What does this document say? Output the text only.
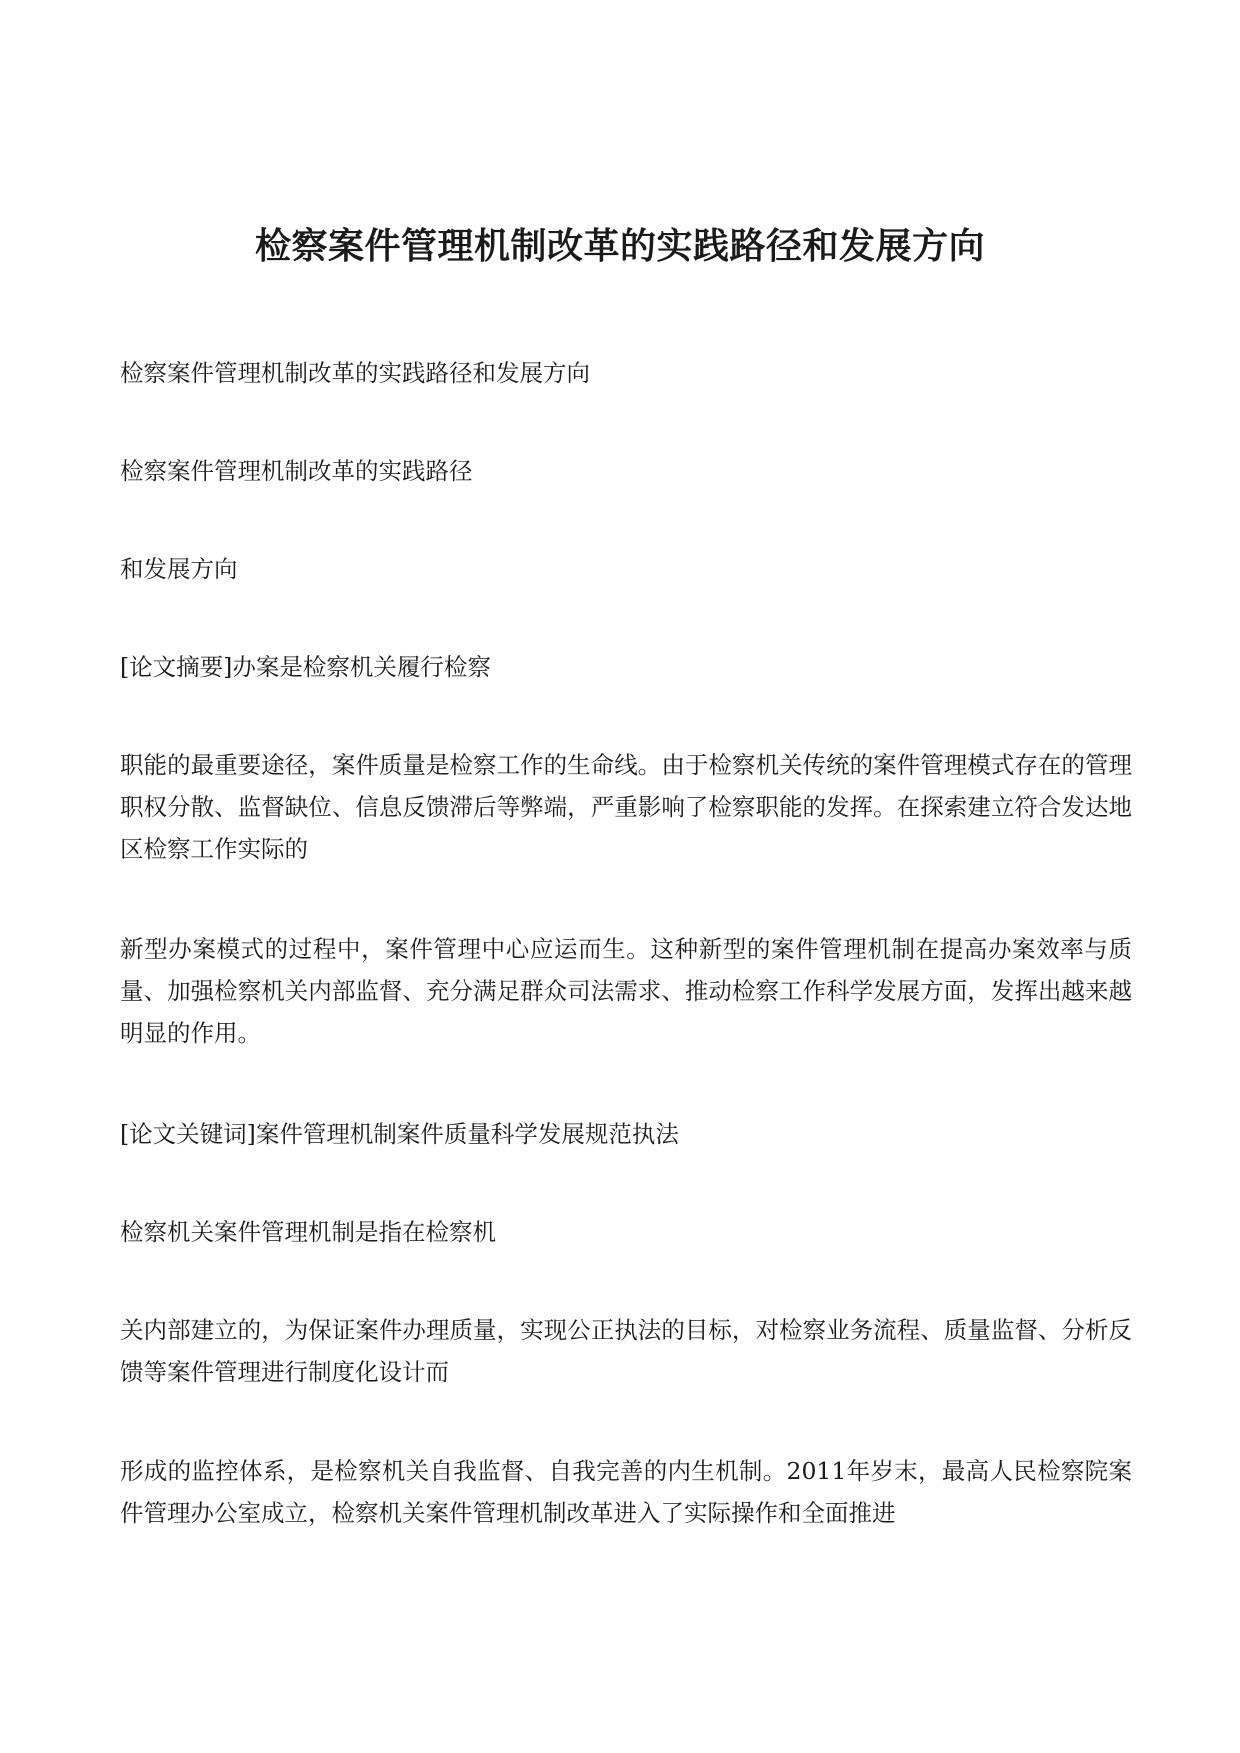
检察案件管理机制改革的实践路径和发展方向

检察案件管理机制改革的实践路径和发展方向

检察案件管理机制改革的实践路径

和发展方向

[论文摘要]办案是检察机关履行检察

职能的最重要途径，案件质量是检察工作的生命线。由于检察机关传统的案件管理模式存在的管理职权分散、监督缺位、信息反馈滞后等弊端，严重影响了检察职能的发挥。在探索建立符合发达地区检察工作实际的

新型办案模式的过程中，案件管理中心应运而生。这种新型的案件管理机制在提高办案效率与质量、加强检察机关内部监督、充分满足群众司法需求、推动检察工作科学发展方面，发挥出越来越明显的作用。

[论文关键词]案件管理机制案件质量科学发展规范执法

检察机关案件管理机制是指在检察机

关内部建立的，为保证案件办理质量，实现公正执法的目标，对检察业务流程、质量监督、分析反馈等案件管理进行制度化设计而

形成的监控体系，是检察机关自我监督、自我完善的内生机制。2011年岁末，最高人民检察院案件管理办公室成立，检察机关案件管理机制改革进入了实际操作和全面推进
